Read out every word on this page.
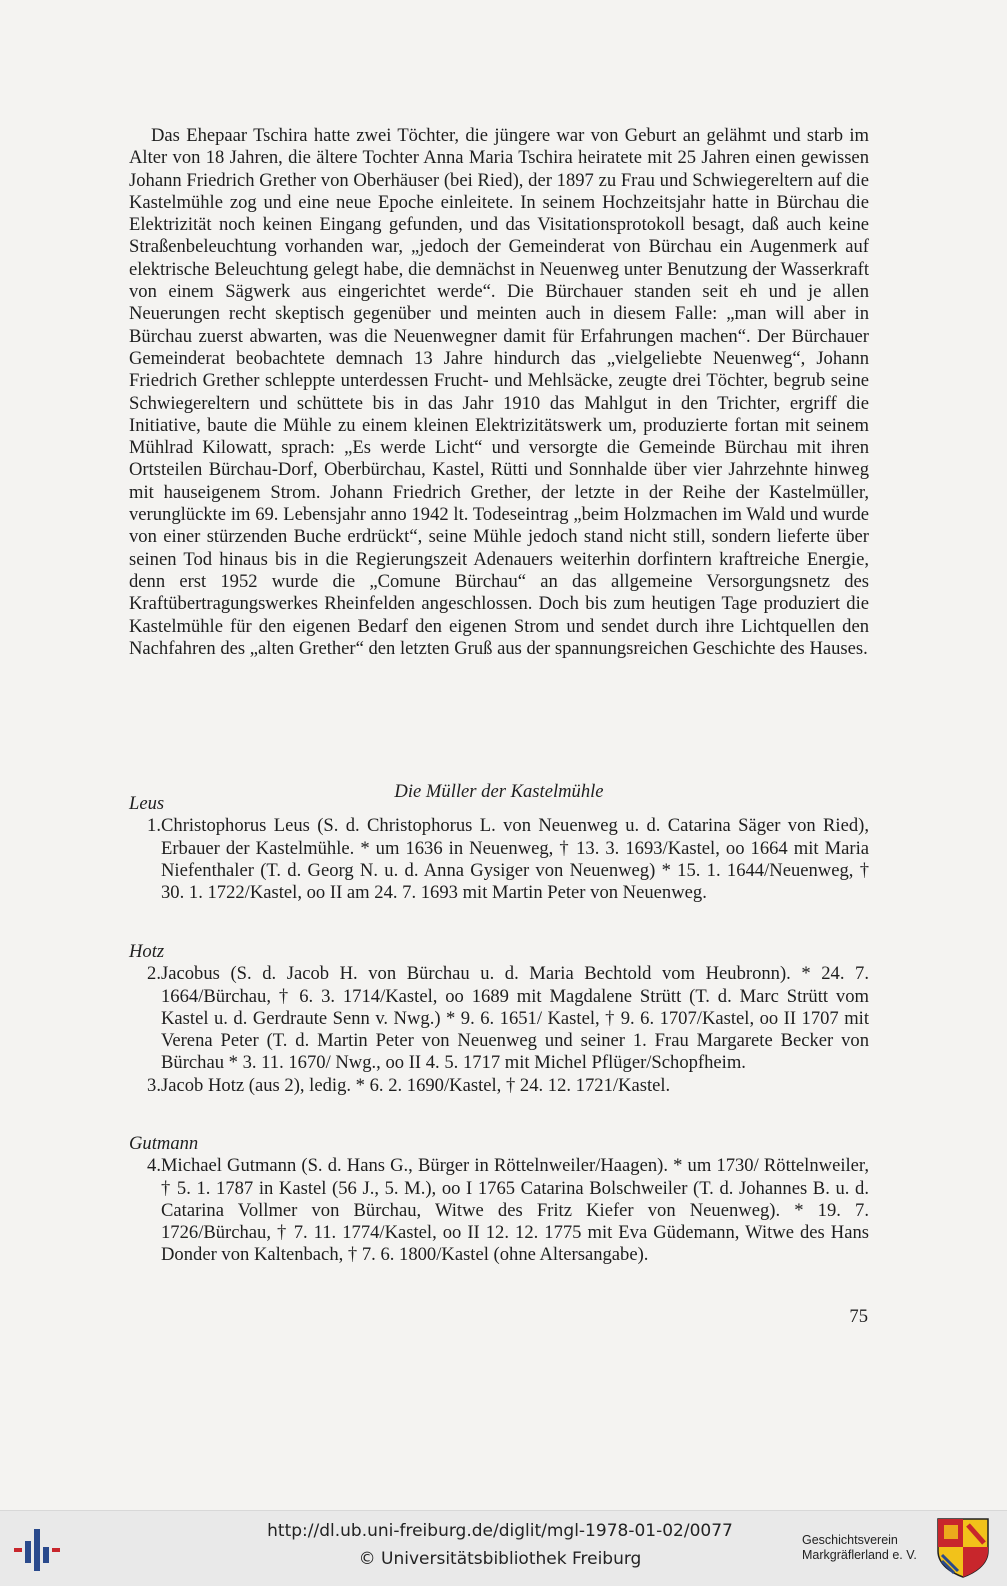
Das Ehepaar Tschira hatte zwei Töchter, die jüngere war von Geburt an gelähmt und starb im Alter von 18 Jahren, die ältere Tochter Anna Maria Tschira heiratete mit 25 Jahren einen gewissen Johann Friedrich Grether von Oberhäuser (bei Ried), der 1897 zu Frau und Schwiegereltern auf die Kastelmühle zog und eine neue Epoche einleitete. In seinem Hochzeitsjahr hatte in Bürchau die Elektrizität noch keinen Eingang gefunden, und das Visitationsprotokoll besagt, daß auch keine Straßenbeleuchtung vorhanden war, „jedoch der Gemeinderat von Bürchau ein Augenmerk auf elektrische Beleuchtung gelegt habe, die demnächst in Neuenweg unter Benutzung der Wasserkraft von einem Sägwerk aus eingerichtet werde“. Die Bürchauer standen seit eh und je allen Neuerungen recht skeptisch gegenüber und meinten auch in diesem Falle: „man will aber in Bürchau zuerst abwarten, was die Neuenwegner damit für Erfahrungen machen“. Der Bürchauer Gemeinderat beobachtete demnach 13 Jahre hindurch das „vielgeliebte Neuenweg“, Johann Friedrich Grether schleppte unterdessen Frucht- und Mehlsäcke, zeugte drei Töchter, begrub seine Schwiegereltern und schüttete bis in das Jahr 1910 das Mahlgut in den Trichter, ergriff die Initiative, baute die Mühle zu einem kleinen Elektrizitätswerk um, produzierte fortan mit seinem Mühlrad Kilowatt, sprach: „Es werde Licht“ und versorgte die Gemeinde Bürchau mit ihren Ortsteilen Bürchau-Dorf, Oberbürchau, Kastel, Rütti und Sonnhalde über vier Jahrzehnte hinweg mit hauseigenem Strom. Johann Friedrich Grether, der letzte in der Reihe der Kastelmüller, verunglückte im 69. Lebensjahr anno 1942 lt. Todeseintrag „beim Holzmachen im Wald und wurde von einer stürzenden Buche erdrückt“, seine Mühle jedoch stand nicht still, sondern lieferte über seinen Tod hinaus bis in die Regierungszeit Adenauers weiterhin dorfintern kraftreiche Energie, denn erst 1952 wurde die „Comune Bürchau“ an das allgemeine Versorgungsnetz des Kraftübertragungswerkes Rheinfelden angeschlossen. Doch bis zum heutigen Tage produziert die Kastelmühle für den eigenen Bedarf den eigenen Strom und sendet durch ihre Lichtquellen den Nachfahren des „alten Grether“ den letzten Gruß aus der spannungsreichen Geschichte des Hauses.

Die Müller der Kastelmühle

Leus

1.Christophorus Leus (S. d. Christophorus L. von Neuenweg u. d. Catarina Säger von Ried), Erbauer der Kastelmühle. * um 1636 in Neuenweg, † 13. 3. 1693/Kastel, oo 1664 mit Maria Niefenthaler (T. d. Georg N. u. d. Anna Gysiger von Neuenweg) * 15. 1. 1644/Neuenweg, † 30. 1. 1722/Kastel, oo II am 24. 7. 1693 mit Martin Peter von Neuenweg.

Hotz

2.Jacobus (S. d. Jacob H. von Bürchau u. d. Maria Bechtold vom Heubronn). * 24. 7. 1664/Bürchau, † 6. 3. 1714/Kastel, oo 1689 mit Magdalene Strütt (T. d. Marc Strütt vom Kastel u. d. Gerdraute Senn v. Nwg.) * 9. 6. 1651/ Kastel, † 9. 6. 1707/Kastel, oo II 1707 mit Verena Peter (T. d. Martin Peter von Neuenweg und seiner 1. Frau Margarete Becker von Bürchau * 3. 11. 1670/ Nwg., oo II 4. 5. 1717 mit Michel Pflüger/Schopfheim.

3.Jacob Hotz (aus 2), ledig. * 6. 2. 1690/Kastel, † 24. 12. 1721/Kastel.

Gutmann

4.Michael Gutmann (S. d. Hans G., Bürger in Röttelnweiler/Haagen). * um 1730/ Röttelnweiler, † 5. 1. 1787 in Kastel (56 J., 5. M.), oo I 1765 Catarina Bolschweiler (T. d. Johannes B. u. d. Catarina Vollmer von Bürchau, Witwe des Fritz Kiefer von Neuenweg). * 19. 7. 1726/Bürchau, † 7. 11. 1774/Kastel, oo II 12. 12. 1775 mit Eva Güdemann, Witwe des Hans Donder von Kaltenbach, † 7. 6. 1800/Kastel (ohne Altersangabe).

75

http://dl.ub.uni-freiburg.de/diglit/mgl-1978-01-02/0077
© Universitätsbibliothek Freiburg
Geschichtsverein
Markgräflerland e. V.
